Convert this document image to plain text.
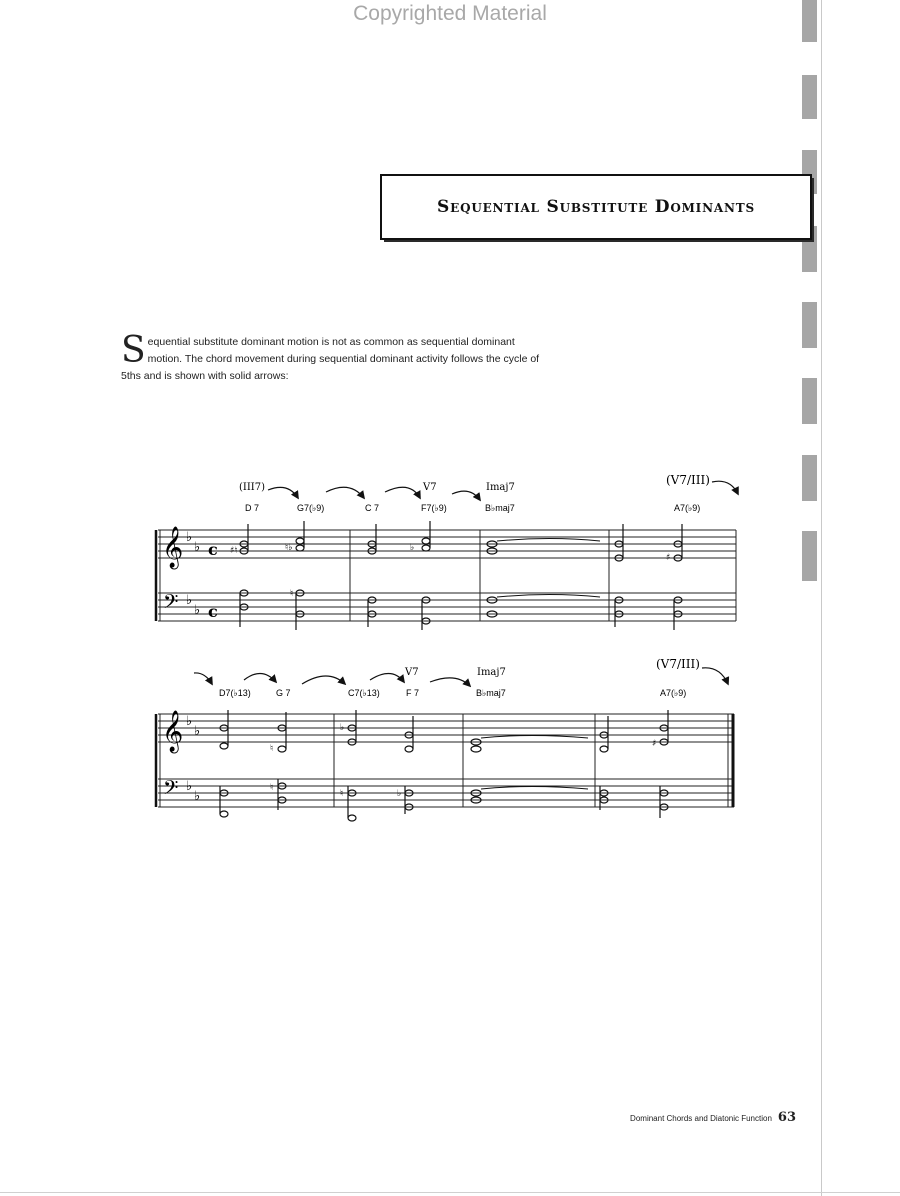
Copyrighted Material
Sequential Substitute Dominants
Sequential substitute dominant motion is not as common as sequential dominant motion. The chord movement during sequential dominant activity follows the cycle of 5ths and is shown with solid arrows:
(III7)	V7	Imaj7
(V7/III)
D 7	G7(♭9)	C 7	F7(♭9)	B♭maj7	A7(♭9)
𝄞
𝄢
♭
♭
♭
♭
c
c
♯♮	♮♭	♭
♯
♮
V7	Imaj7
(V7/III)
D7(♭13)	G 7	C7(♭13)	F 7	B♭maj7	A7(♭9)
𝄞
𝄢
♭
♭
♭
♭
♮
♭
♯
♮
♮	♭
Dominant Chords and Diatonic Function 63
